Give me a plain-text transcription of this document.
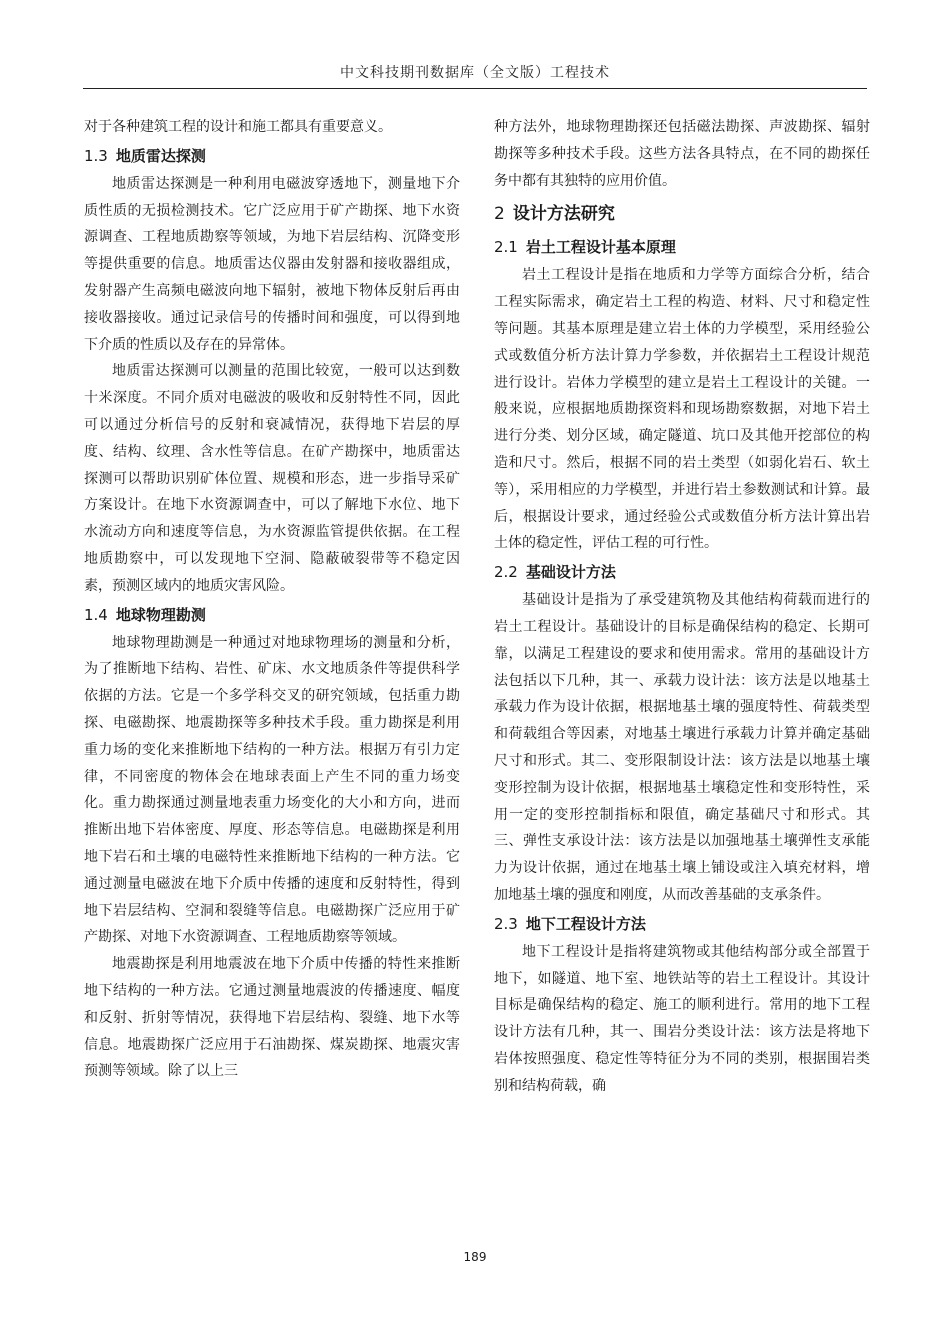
中文科技期刊数据库（全文版）工程技术

对于各种建筑工程的设计和施工都具有重要意义。

1.3 地质雷达探测

地质雷达探测是一种利用电磁波穿透地下，测量地下介质性质的无损检测技术。它广泛应用于矿产勘探、地下水资源调查、工程地质勘察等领域，为地下岩层结构、沉降变形等提供重要的信息。地质雷达仪器由发射器和接收器组成，发射器产生高频电磁波向地下辐射，被地下物体反射后再由接收器接收。通过记录信号的传播时间和强度，可以得到地下介质的性质以及存在的异常体。

地质雷达探测可以测量的范围比较宽，一般可以达到数十米深度。不同介质对电磁波的吸收和反射特性不同，因此可以通过分析信号的反射和衰减情况，获得地下岩层的厚度、结构、纹理、含水性等信息。在矿产勘探中，地质雷达探测可以帮助识别矿体位置、规模和形态，进一步指导采矿方案设计。在地下水资源调查中，可以了解地下水位、地下水流动方向和速度等信息，为水资源监管提供依据。在工程地质勘察中，可以发现地下空洞、隐蔽破裂带等不稳定因素，预测区域内的地质灾害风险。

1.4 地球物理勘测

地球物理勘测是一种通过对地球物理场的测量和分析，为了推断地下结构、岩性、矿床、水文地质条件等提供科学依据的方法。它是一个多学科交叉的研究领域，包括重力勘探、电磁勘探、地震勘探等多种技术手段。重力勘探是利用重力场的变化来推断地下结构的一种方法。根据万有引力定律，不同密度的物体会在地球表面上产生不同的重力场变化。重力勘探通过测量地表重力场变化的大小和方向，进而推断出地下岩体密度、厚度、形态等信息。电磁勘探是利用地下岩石和土壤的电磁特性来推断地下结构的一种方法。它通过测量电磁波在地下介质中传播的速度和反射特性，得到地下岩层结构、空洞和裂缝等信息。电磁勘探广泛应用于矿产勘探、对地下水资源调查、工程地质勘察等领域。

地震勘探是利用地震波在地下介质中传播的特性来推断地下结构的一种方法。它通过测量地震波的传播速度、幅度和反射、折射等情况，获得地下岩层结构、裂缝、地下水等信息。地震勘探广泛应用于石油勘探、煤炭勘探、地震灾害预测等领域。除了以上三

种方法外，地球物理勘探还包括磁法勘探、声波勘探、辐射勘探等多种技术手段。这些方法各具特点，在不同的勘探任务中都有其独特的应用价值。

2 设计方法研究
2.1 岩土工程设计基本原理

岩土工程设计是指在地质和力学等方面综合分析，结合工程实际需求，确定岩土工程的构造、材料、尺寸和稳定性等问题。其基本原理是建立岩土体的力学模型，采用经验公式或数值分析方法计算力学参数，并依据岩土工程设计规范进行设计。岩体力学模型的建立是岩土工程设计的关键。一般来说，应根据地质勘探资料和现场勘察数据，对地下岩土进行分类、划分区域，确定隧道、坑口及其他开挖部位的构造和尺寸。然后，根据不同的岩土类型（如弱化岩石、软土等），采用相应的力学模型，并进行岩土参数测试和计算。最后，根据设计要求，通过经验公式或数值分析方法计算出岩土体的稳定性，评估工程的可行性。

2.2 基础设计方法

基础设计是指为了承受建筑物及其他结构荷载而进行的岩土工程设计。基础设计的目标是确保结构的稳定、长期可靠，以满足工程建设的要求和使用需求。常用的基础设计方法包括以下几种，其一、承载力设计法：该方法是以地基土承载力作为设计依据，根据地基土壤的强度特性、荷载类型和荷载组合等因素，对地基土壤进行承载力计算并确定基础尺寸和形式。其二、变形限制设计法：该方法是以地基土壤变形控制为设计依据，根据地基土壤稳定性和变形特性，采用一定的变形控制指标和限值，确定基础尺寸和形式。其三、弹性支承设计法：该方法是以加强地基土壤弹性支承能力为设计依据，通过在地基土壤上铺设或注入填充材料，增加地基土壤的强度和刚度，从而改善基础的支承条件。

2.3 地下工程设计方法

地下工程设计是指将建筑物或其他结构部分或全部置于地下，如隧道、地下室、地铁站等的岩土工程设计。其设计目标是确保结构的稳定、施工的顺利进行。常用的地下工程设计方法有几种，其一、围岩分类设计法：该方法是将地下岩体按照强度、稳定性等特征分为不同的类别，根据围岩类别和结构荷载，确

189
